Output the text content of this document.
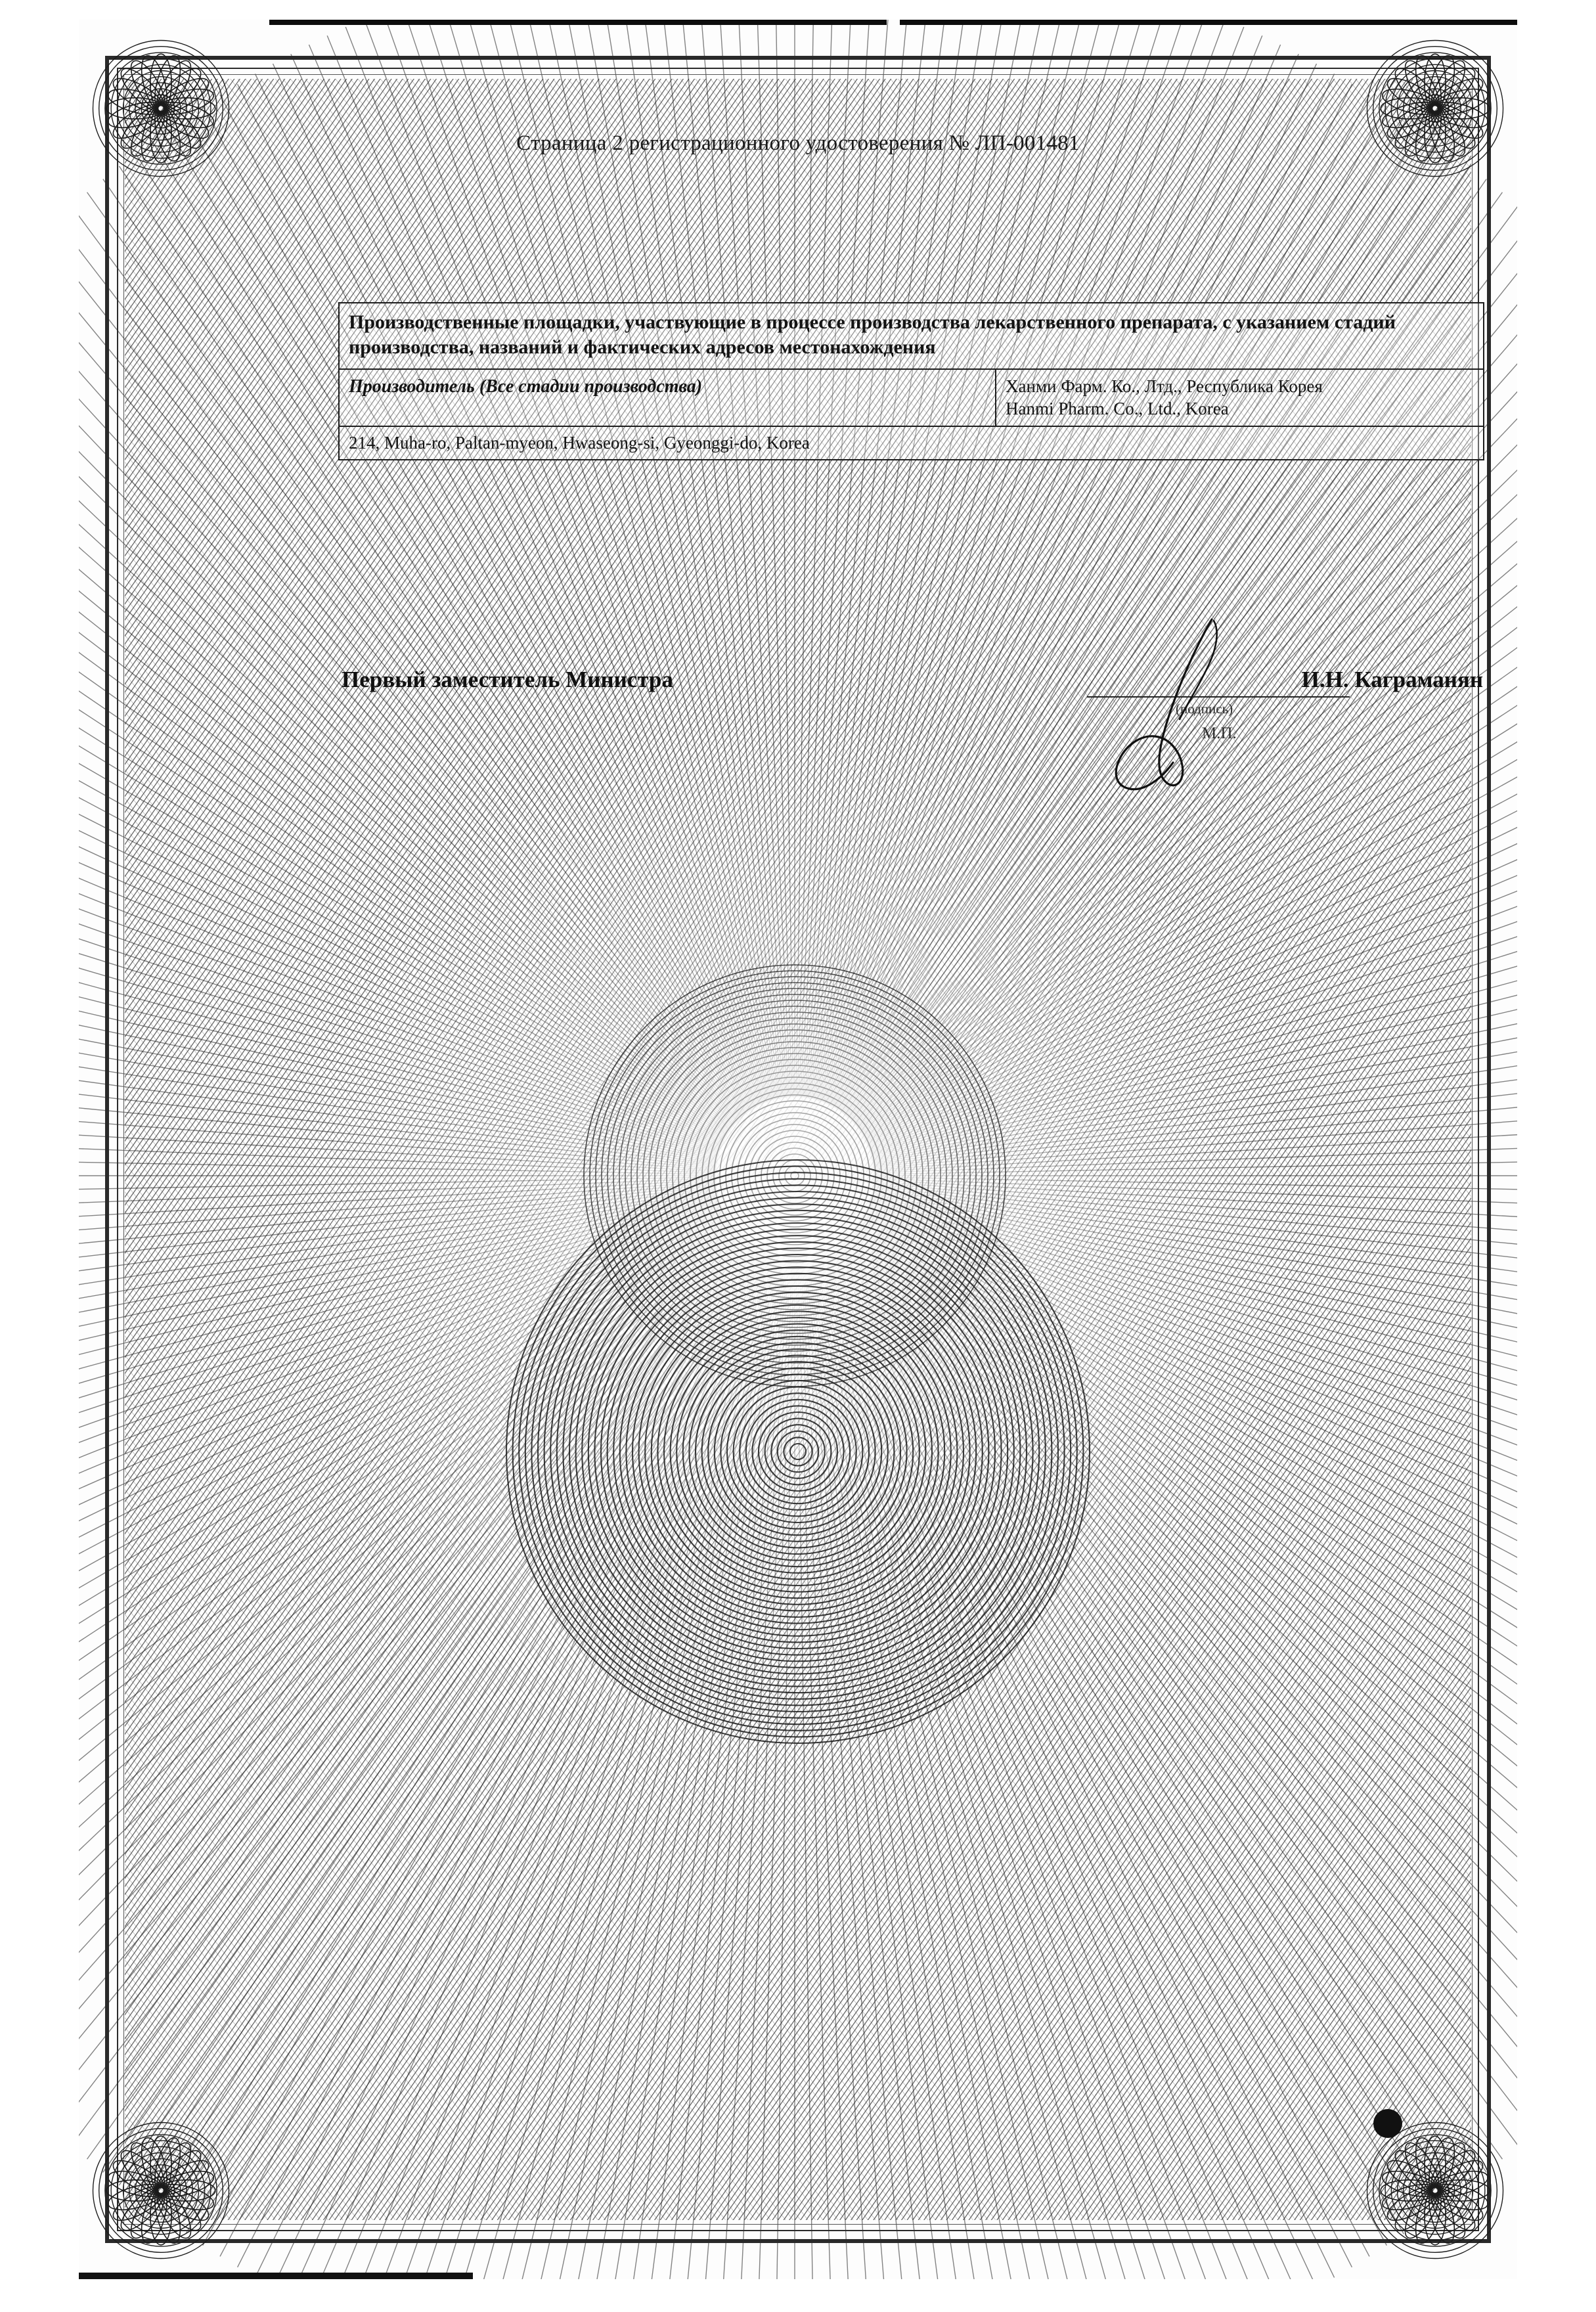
Страница 2 регистрационного удостоверения № ЛП-001481
Производственные площадки, участвующие в процессе производства лекарственного препарата, с указанием стадий производства, названий и фактических адресов местонахождения
Производитель (Все стадии производства)	Ханми Фарм. Ко., Лтд., Республика Корея
Hanmi Pharm. Co., Ltd., Korea
214, Muha-ro, Paltan-myeon, Hwaseong-si, Gyeonggi-do, Korea
Первый заместитель Министра
(подпись)
М.П.
И.Н. Каграманян
